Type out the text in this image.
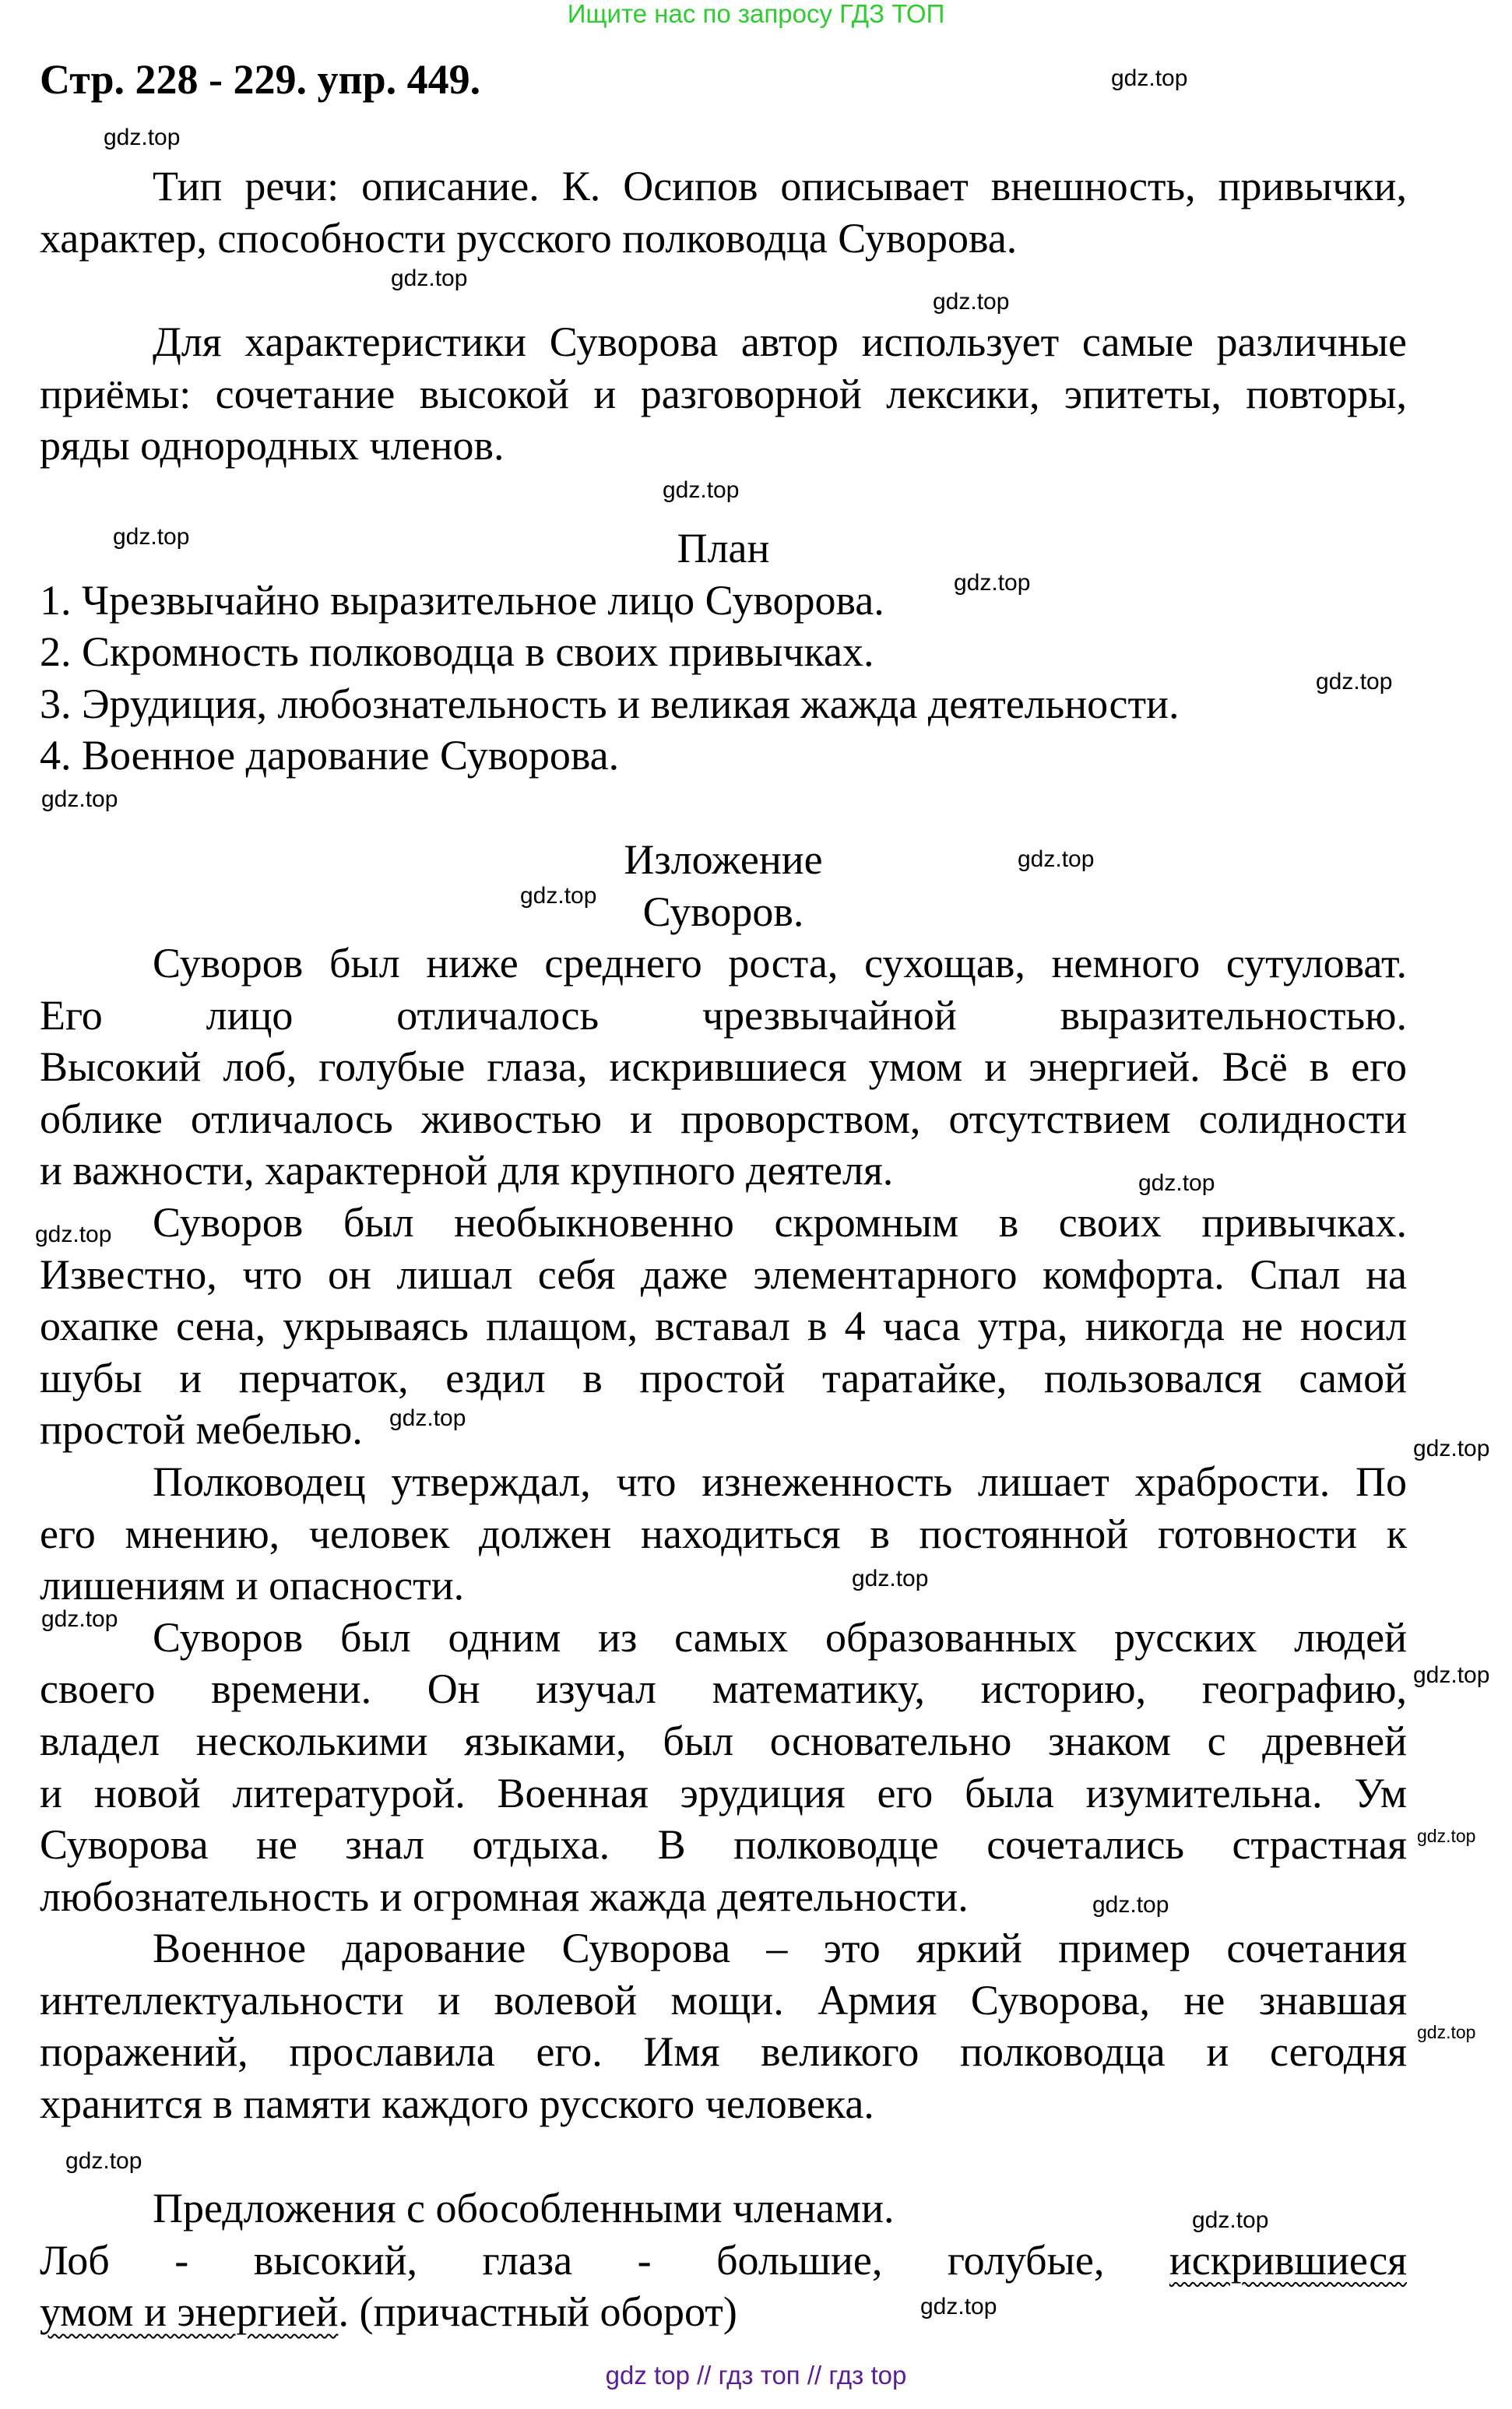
Ищите нас по запросу ГДЗ ТОП
Стр. 228 - 229. упр. 449.
Тип речи: описание. К. Осипов описывает внешность, привычки,
характер, способности русского полководца Суворова.
Для характеристики Суворова автор использует самые различные
приёмы: сочетание высокой и разговорной лексики, эпитеты, повторы,
ряды однородных членов.
План
1. Чрезвычайно выразительное лицо Суворова.
2. Скромность полководца в своих привычках.
3. Эрудиция, любознательность и великая жажда деятельности.
4. Военное дарование Суворова.
Изложение
Суворов.
Суворов был ниже среднего роста, сухощав, немного сутуловат.
Его лицо отличалось чрезвычайной выразительностью.
Высокий лоб, голубые глаза, искрившиеся умом и энергией. Всё в его
облике отличалось живостью и проворством, отсутствием солидности
и важности, характерной для крупного деятеля.
Суворов был необыкновенно скромным в своих привычках.
Известно, что он лишал себя даже элементарного комфорта. Спал на
охапке сена, укрываясь плащом, вставал в 4 часа утра, никогда не носил
шубы и перчаток, ездил в простой таратайке, пользовался самой
простой мебелью.
Полководец утверждал, что изнеженность лишает храбрости. По
его мнению, человек должен находиться в постоянной готовности к
лишениям и опасности.
Суворов был одним из самых образованных русских людей
своего времени. Он изучал математику, историю, географию,
владел несколькими языками, был основательно знаком с древней
и новой литературой. Военная эрудиция его была изумительна. Ум
Суворова не знал отдыха. В полководце сочетались страстная
любознательность и огромная жажда деятельности.
Военное дарование Суворова – это яркий пример сочетания
интеллектуальности и волевой мощи. Армия Суворова, не знавшая
поражений, прославила его. Имя великого полководца и сегодня
хранится в памяти каждого русского человека.
Предложения с обособленными членами.
Лоб - высокий, глаза - большие, голубые, искрившиеся
умом и энергией. (причастный оборот)
gdz top // гдз топ // гдз top
gdz.top
gdz.top
gdz.top
gdz.top
gdz.top
gdz.top
gdz.top
gdz.top
gdz.top
gdz.top
gdz.top
gdz.top
gdz.top
gdz.top
gdz.top
gdz.top
gdz.top
gdz.top
gdz.top
gdz.top
gdz.top
gdz.top
gdz.top
gdz.top
